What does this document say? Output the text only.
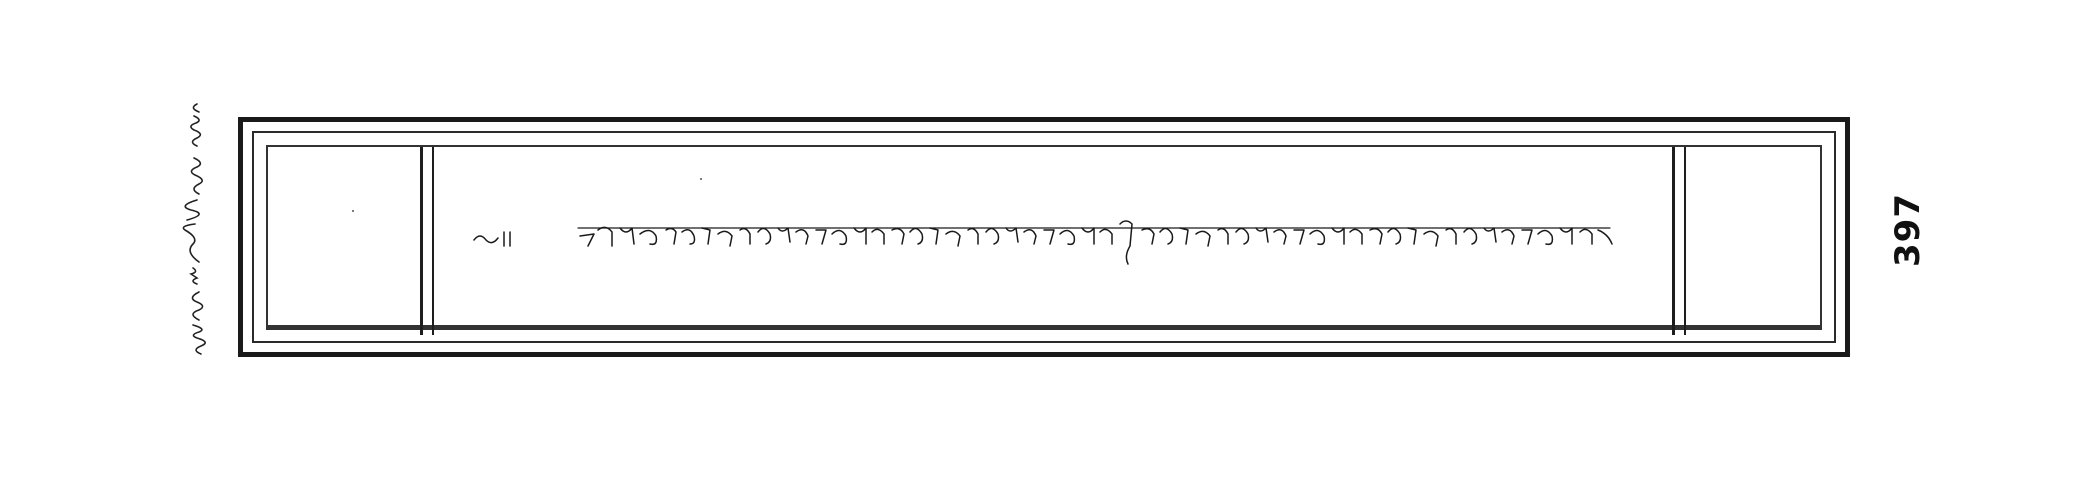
397
